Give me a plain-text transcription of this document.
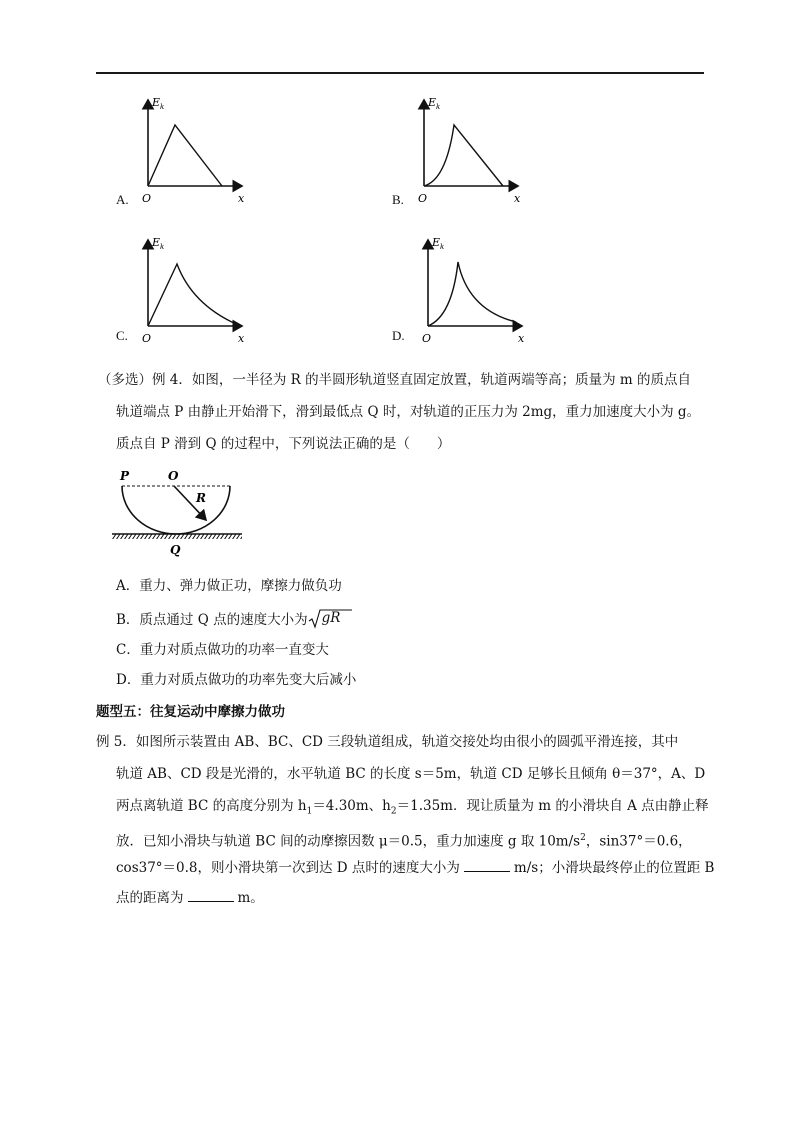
$E_k$
x
O
A.
$E_k$
x
O
B.
$E_k$
x
O
C.
$E_k$
x
O
D.
（多选）例 4．如图，一半径为 R 的半圆形轨道竖直固定放置，轨道两端等高；质量为 m 的质点自
轨道端点 P 由静止开始滑下，滑到最低点 Q 时，对轨道的正压力为 2mg，重力加速度大小为 g。
质点自 P 滑到 Q 的过程中，下列说法正确的是（　　）
P	O
R
Q
A．重力、弹力做正功，摩擦力做负功
B．质点通过 Q 点的速度大小为 gR
C．重力对质点做功的功率一直变大
D．重力对质点做功的功率先变大后减小
题型五：往复运动中摩擦力做功
例 5．如图所示装置由 AB、BC、CD 三段轨道组成，轨道交接处均由很小的圆弧平滑连接，其中
轨道 AB、CD 段是光滑的，水平轨道 BC 的长度 s＝5m，轨道 CD 足够长且倾角 θ＝37°，A、D
两点离轨道 BC 的高度分别为 $h_1=4.30m$、$h_2=1.35m$．现让质量为 m 的小滑块自 A 点由静止释
放．已知小滑块与轨道 BC 间的动摩擦因数 μ＝0.5，重力加速度 g 取 $10m/s^2$，sin37°＝0.6，
cos37°＝0.8，则小滑块第一次到达 D 点时的速度大小为	m/s；小滑块最终停止的位置距 B
点的距离为	m。
